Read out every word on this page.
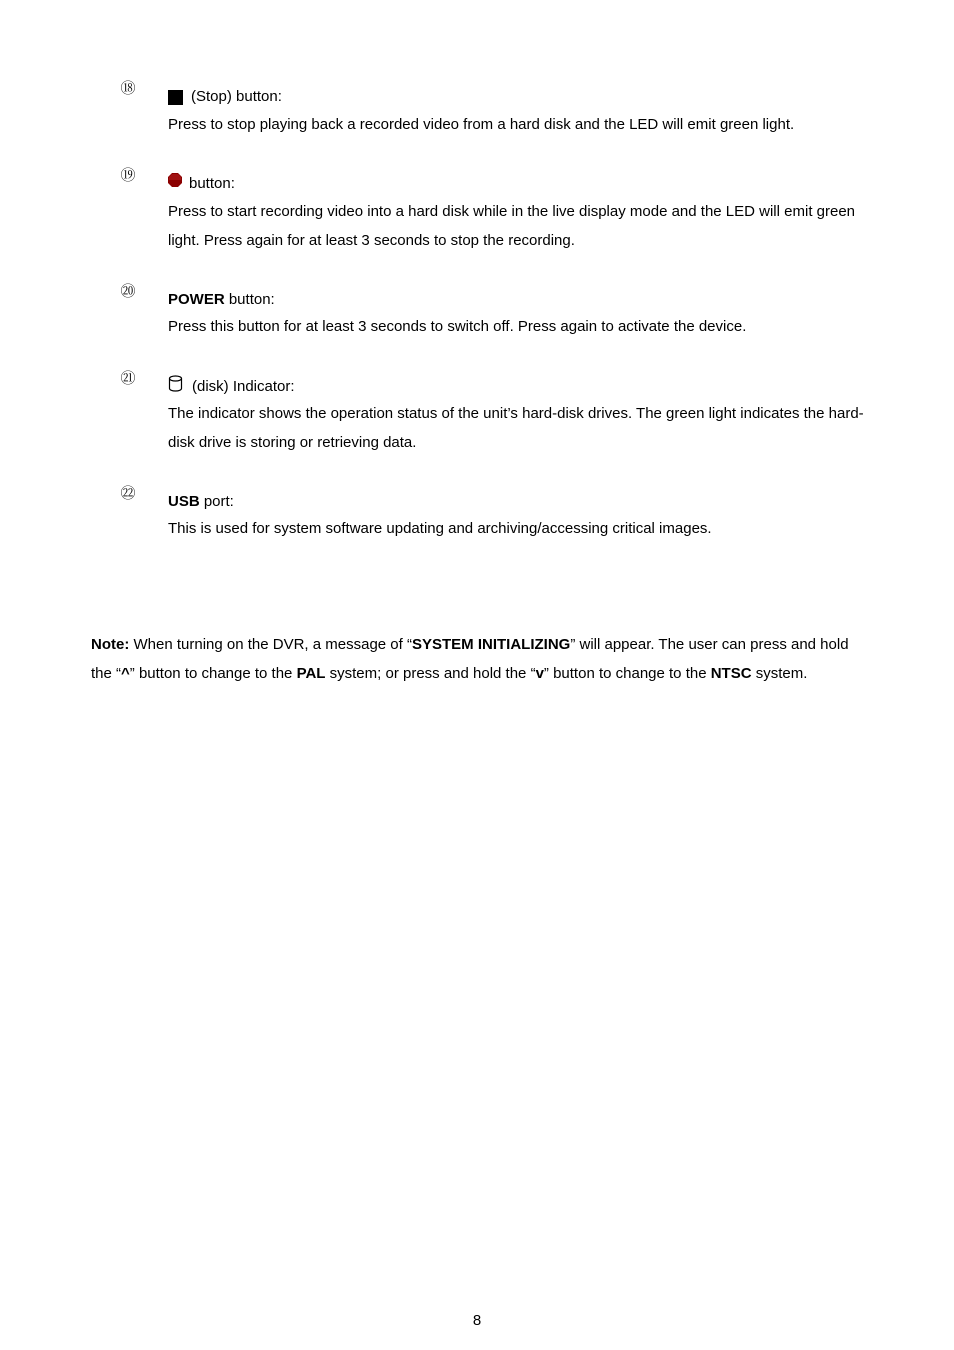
⑱	(Stop) button:
Press to stop playing back a recorded video from a hard disk and the LED will emit green light.
⑲	button:
Press to start recording video into a hard disk while in the live display mode and the LED will emit green light. Press again for at least 3 seconds to stop the recording.
⑳ POWER button:
Press this button for at least 3 seconds to switch off. Press again to activate the device.
㉑	(disk) Indicator:
The indicator shows the operation status of the unit’s hard-disk drives. The green light indicates the hard-disk drive is storing or retrieving data.
㉒ USB port:
This is used for system software updating and archiving/accessing critical images.
Note: When turning on the DVR, a message of “SYSTEM INITIALIZING” will appear. The user can press and hold the “^” button to change to the PAL system; or press and hold the “v” button to change to the NTSC system.
8
